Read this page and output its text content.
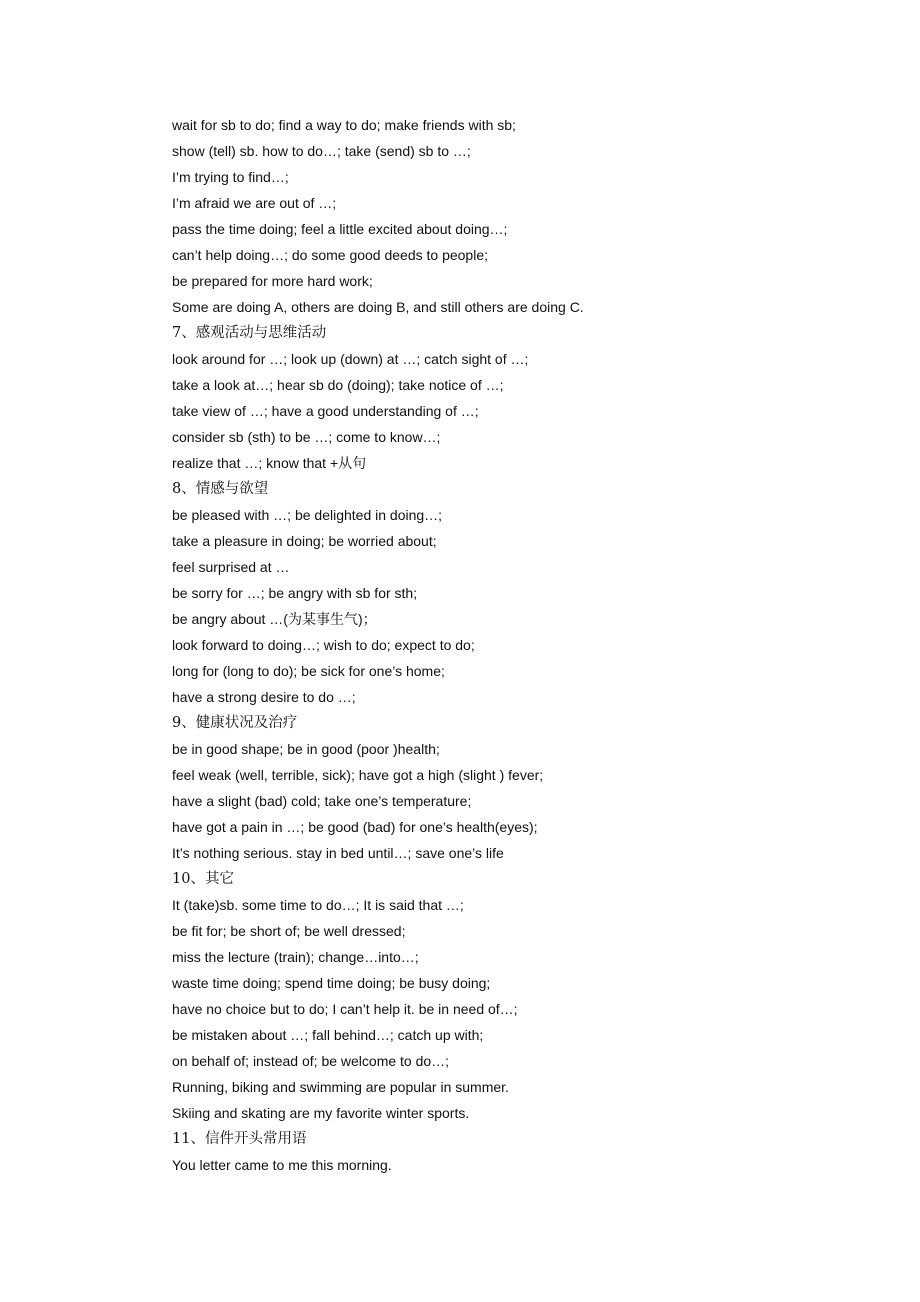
wait for sb to do; find a way to do; make friends with sb;
show (tell) sb. how to do…; take (send) sb to …;
I’m trying to find…;
I’m afraid we are out of …;
pass the time doing; feel a little excited about doing…;
can’t help doing…; do some good deeds to people;
be prepared for more hard work;
Some are doing A, others are doing B, and still others are doing C.
7、感观活动与思维活动
look around for …; look up (down) at …; catch sight of …;
take a look at…; hear sb do (doing); take notice of …;
take view of …; have a good understanding of …;
consider sb (sth) to be …; come to know…;
realize that …; know that +从句
8、情感与欲望
be pleased with …; be delighted in doing…;
take a pleasure in doing; be worried about;
feel surprised at …
be sorry for …; be angry with sb for sth;
be angry about …(为某事生气)；
look forward to doing…; wish to do; expect to do;
long for (long to do); be sick for one’s home;
have a strong desire to do …;
9、健康状况及治疗
be in good shape; be in good (poor )health;
feel weak (well, terrible, sick); have got a high (slight ) fever;
have a slight (bad) cold; take one’s temperature;
have got a pain in …; be good (bad) for one’s health(eyes);
It’s nothing serious. stay in bed until…; save one’s life
10、其它
It (take)sb. some time to do…; It is said that …;
be fit for; be short of; be well dressed;
miss the lecture (train); change…into…;
waste time doing; spend time doing; be busy doing;
have no choice but to do; I can’t help it. be in need of…;
be mistaken about …; fall behind…; catch up with;
on behalf of; instead of; be welcome to do…;
Running, biking and swimming are popular in summer.
Skiing and skating are my favorite winter sports.
11、信件开头常用语
You letter came to me this morning.
